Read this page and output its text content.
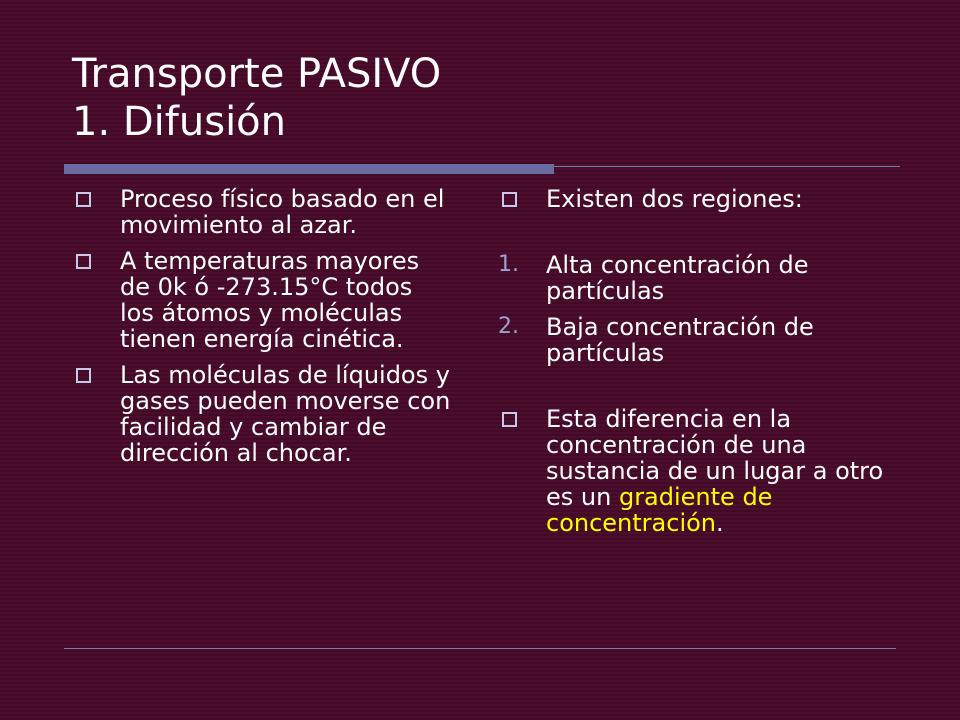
Transporte PASIVO
1. Difusión
Proceso físico basado en el movimiento al azar.
A temperaturas mayores de 0k ó -273.15°C todos los átomos y moléculas tienen energía cinética.
Las moléculas de líquidos y gases pueden moverse con facilidad y cambiar de dirección al chocar.
Existen dos regiones:
1. Alta concentración de partículas
2. Baja concentración de partículas
Esta diferencia en la concentración de una sustancia de un lugar a otro es un gradiente de concentración.
